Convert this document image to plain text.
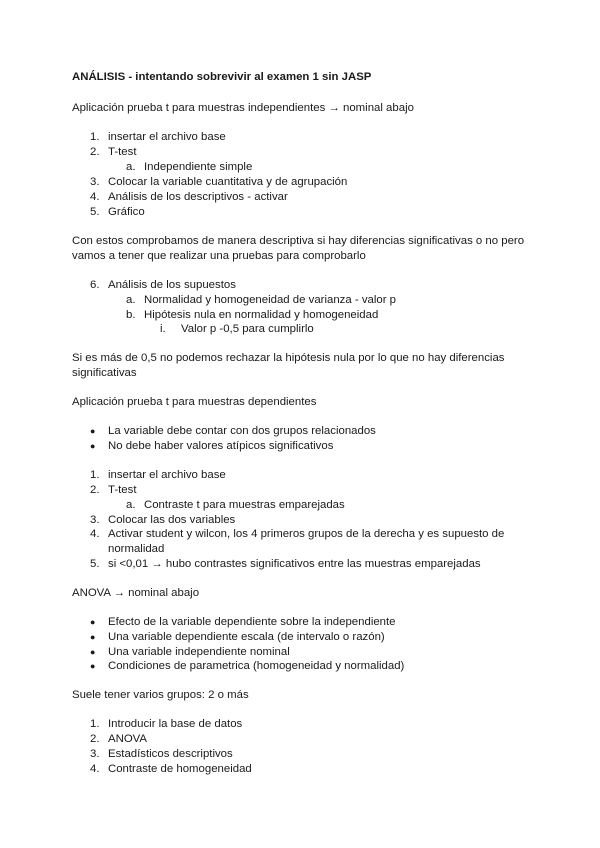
ANÁLISIS - intentando sobrevivir al examen 1 sin JASP
Aplicación prueba t para muestras independientes → nominal abajo
1. insertar el archivo base
2. T-test
a. Independiente simple
3. Colocar la variable cuantitativa y de agrupación
4. Análisis de los descriptivos - activar
5. Gráfico
Con estos comprobamos de manera descriptiva si hay diferencias significativas o no pero vamos a tener que realizar una pruebas para comprobarlo
6. Análisis de los supuestos
a. Normalidad y homogeneidad de varianza - valor p
b. Hipótesis nula en normalidad y homogeneidad
i. Valor p -0,5 para cumplirlo
Si es más de 0,5 no podemos rechazar la hipótesis nula por lo que no hay diferencias significativas
Aplicación prueba t para muestras dependientes
● La variable debe contar con dos grupos relacionados
● No debe haber valores atípicos significativos
1. insertar el archivo base
2. T-test
a. Contraste t para muestras emparejadas
3. Colocar las dos variables
4. Activar student y wilcon, los 4 primeros grupos de la derecha y es supuesto de normalidad
5. si <0,01 → hubo contrastes significativos entre las muestras emparejadas
ANOVA → nominal abajo
● Efecto de la variable dependiente sobre la independiente
● Una variable dependiente escala (de intervalo o razón)
● Una variable independiente nominal
● Condiciones de parametrica (homogeneidad y normalidad)
Suele tener varios grupos: 2 o más
1. Introducir la base de datos
2. ANOVA
3. Estadísticos descriptivos
4. Contraste de homogeneidad
